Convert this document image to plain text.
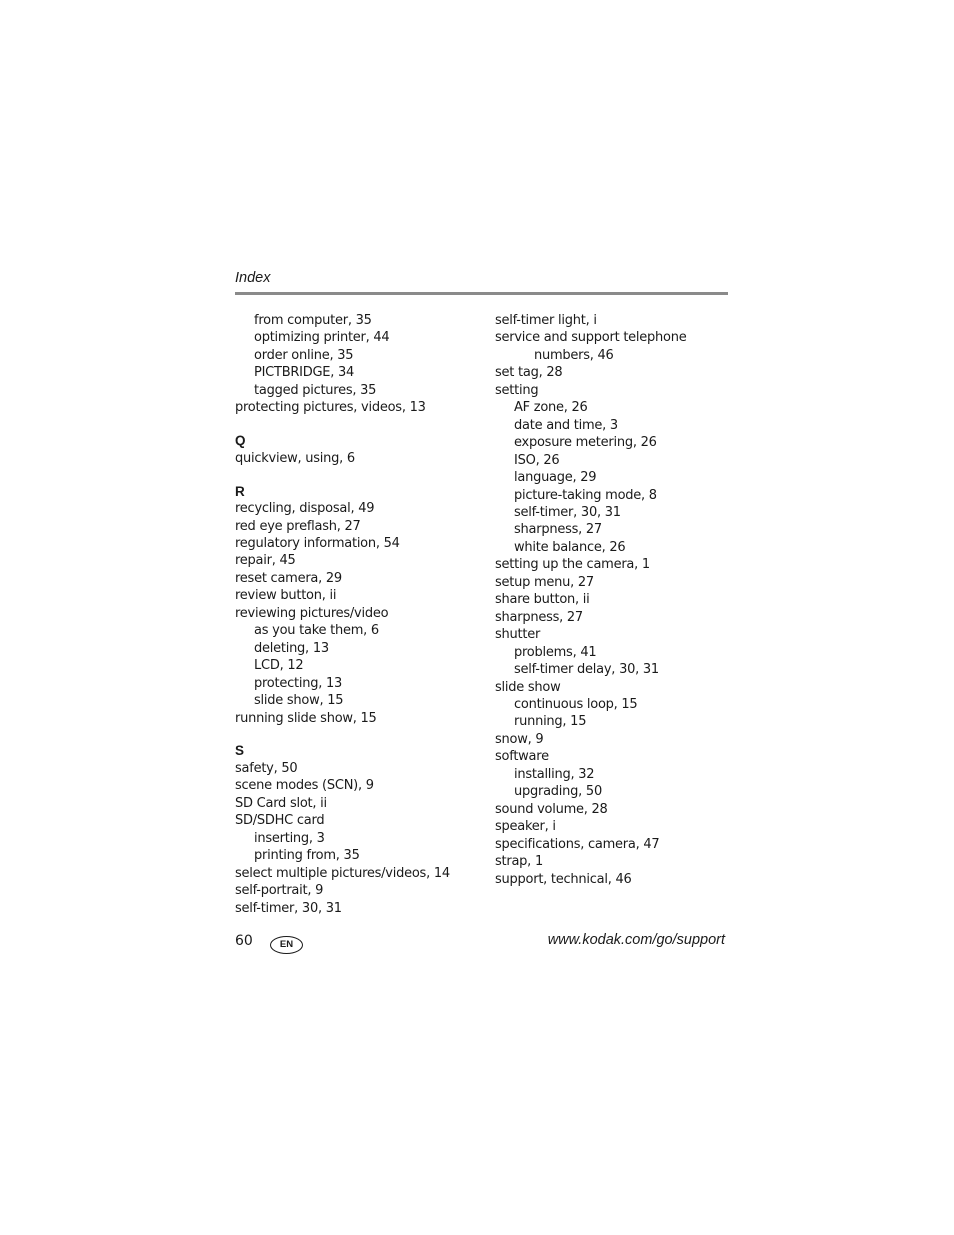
Index
from computer, 35
optimizing printer, 44
order online, 35
PICTBRIDGE, 34
tagged pictures, 35
protecting pictures, videos, 13
Q
quickview, using, 6
R
recycling, disposal, 49
red eye preflash, 27
regulatory information, 54
repair, 45
reset camera, 29
review button, ii
reviewing pictures/video
as you take them, 6
deleting, 13
LCD, 12
protecting, 13
slide show, 15
running slide show, 15
S
safety, 50
scene modes (SCN), 9
SD Card slot, ii
SD/SDHC card
inserting, 3
printing from, 35
select multiple pictures/videos, 14
self-portrait, 9
self-timer, 30, 31
self-timer light, i
service and support telephone
numbers, 46
set tag, 28
setting
AF zone, 26
date and time, 3
exposure metering, 26
ISO, 26
language, 29
picture-taking mode, 8
self-timer, 30, 31
sharpness, 27
white balance, 26
setting up the camera, 1
setup menu, 27
share button, ii
sharpness, 27
shutter
problems, 41
self-timer delay, 30, 31
slide show
continuous loop, 15
running, 15
snow, 9
software
installing, 32
upgrading, 50
sound volume, 28
speaker, i
specifications, camera, 47
strap, 1
support, technical, 46
60	EN	www.kodak.com/go/support
